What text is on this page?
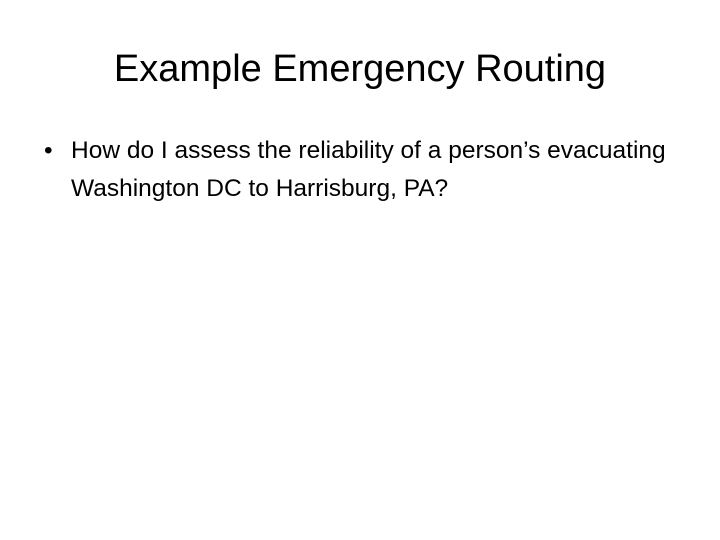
Example Emergency Routing
• How do I assess the reliability of a person’s evacuating Washington DC to Harrisburg, PA?
